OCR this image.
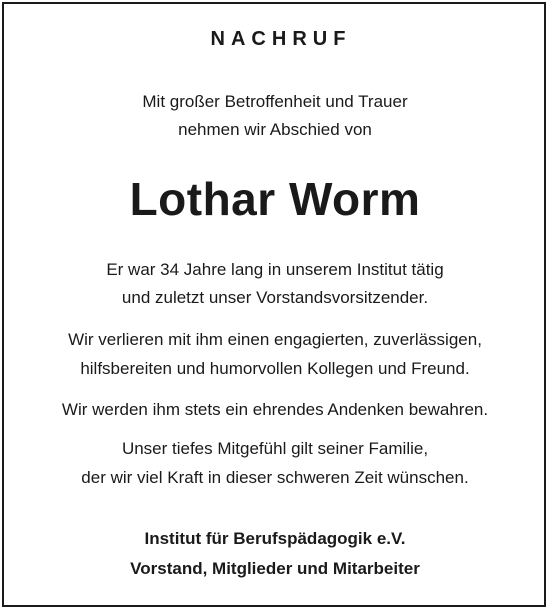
NACHRUF
Mit großer Betroffenheit und Trauer
nehmen wir Abschied von
Lothar Worm
Er war 34 Jahre lang in unserem Institut tätig
und zuletzt unser Vorstandsvorsitzender.
Wir verlieren mit ihm einen engagierten, zuverlässigen,
hilfsbereiten und humorvollen Kollegen und Freund.
Wir werden ihm stets ein ehrendes Andenken bewahren.
Unser tiefes Mitgefühl gilt seiner Familie,
der wir viel Kraft in dieser schweren Zeit wünschen.
Institut für Berufspädagogik e.V.
Vorstand, Mitglieder und Mitarbeiter
